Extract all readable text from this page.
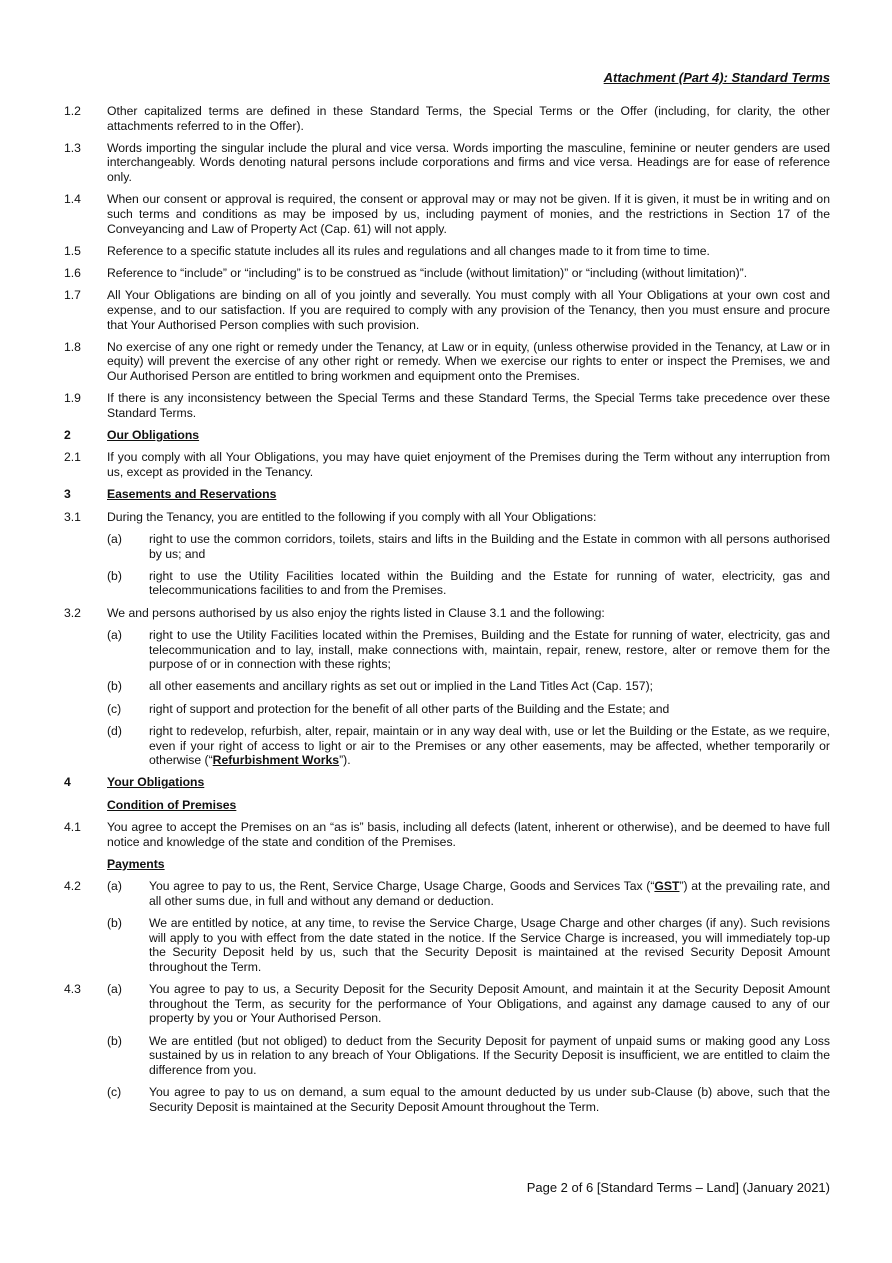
Attachment (Part 4): Standard Terms
1.2 Other capitalized terms are defined in these Standard Terms, the Special Terms or the Offer (including, for clarity, the other attachments referred to in the Offer).
1.3 Words importing the singular include the plural and vice versa. Words importing the masculine, feminine or neuter genders are used interchangeably. Words denoting natural persons include corporations and firms and vice versa. Headings are for ease of reference only.
1.4 When our consent or approval is required, the consent or approval may or may not be given. If it is given, it must be in writing and on such terms and conditions as may be imposed by us, including payment of monies, and the restrictions in Section 17 of the Conveyancing and Law of Property Act (Cap. 61) will not apply.
1.5 Reference to a specific statute includes all its rules and regulations and all changes made to it from time to time.
1.6 Reference to “include” or “including” is to be construed as “include (without limitation)” or “including (without limitation)”.
1.7 All Your Obligations are binding on all of you jointly and severally. You must comply with all Your Obligations at your own cost and expense, and to our satisfaction. If you are required to comply with any provision of the Tenancy, then you must ensure and procure that Your Authorised Person complies with such provision.
1.8 No exercise of any one right or remedy under the Tenancy, at Law or in equity, (unless otherwise provided in the Tenancy, at Law or in equity) will prevent the exercise of any other right or remedy. When we exercise our rights to enter or inspect the Premises, we and Our Authorised Person are entitled to bring workmen and equipment onto the Premises.
1.9 If there is any inconsistency between the Special Terms and these Standard Terms, the Special Terms take precedence over these Standard Terms.
2	Our Obligations
2.1 If you comply with all Your Obligations, you may have quiet enjoyment of the Premises during the Term without any interruption from us, except as provided in the Tenancy.
3	Easements and Reservations
3.1 During the Tenancy, you are entitled to the following if you comply with all Your Obligations:
(a) right to use the common corridors, toilets, stairs and lifts in the Building and the Estate in common with all persons authorised by us; and
(b) right to use the Utility Facilities located within the Building and the Estate for running of water, electricity, gas and telecommunications facilities to and from the Premises.
3.2 We and persons authorised by us also enjoy the rights listed in Clause 3.1 and the following:
(a) right to use the Utility Facilities located within the Premises, Building and the Estate for running of water, electricity, gas and telecommunication and to lay, install, make connections with, maintain, repair, renew, restore, alter or remove them for the purpose of or in connection with these rights;
(b) all other easements and ancillary rights as set out or implied in the Land Titles Act (Cap. 157);
(c) right of support and protection for the benefit of all other parts of the Building and the Estate; and
(d) right to redevelop, refurbish, alter, repair, maintain or in any way deal with, use or let the Building or the Estate, as we require, even if your right of access to light or air to the Premises or any other easements, may be affected, whether temporarily or otherwise (“Refurbishment Works”).
4	Your Obligations
Condition of Premises
4.1 You agree to accept the Premises on an “as is” basis, including all defects (latent, inherent or otherwise), and be deemed to have full notice and knowledge of the state and condition of the Premises.
Payments
4.2 (a) You agree to pay to us, the Rent, Service Charge, Usage Charge, Goods and Services Tax (“GST”) at the prevailing rate, and all other sums due, in full and without any demand or deduction.
(b) We are entitled by notice, at any time, to revise the Service Charge, Usage Charge and other charges (if any). Such revisions will apply to you with effect from the date stated in the notice. If the Service Charge is increased, you will immediately top-up the Security Deposit held by us, such that the Security Deposit is maintained at the revised Security Deposit Amount throughout the Term.
4.3 (a) You agree to pay to us, a Security Deposit for the Security Deposit Amount, and maintain it at the Security Deposit Amount throughout the Term, as security for the performance of Your Obligations, and against any damage caused to any of our property by you or Your Authorised Person.
(b) We are entitled (but not obliged) to deduct from the Security Deposit for payment of unpaid sums or making good any Loss sustained by us in relation to any breach of Your Obligations. If the Security Deposit is insufficient, we are entitled to claim the difference from you.
(c) You agree to pay to us on demand, a sum equal to the amount deducted by us under sub-Clause (b) above, such that the Security Deposit is maintained at the Security Deposit Amount throughout the Term.
Page 2 of 6 [Standard Terms – Land] (January 2021)
